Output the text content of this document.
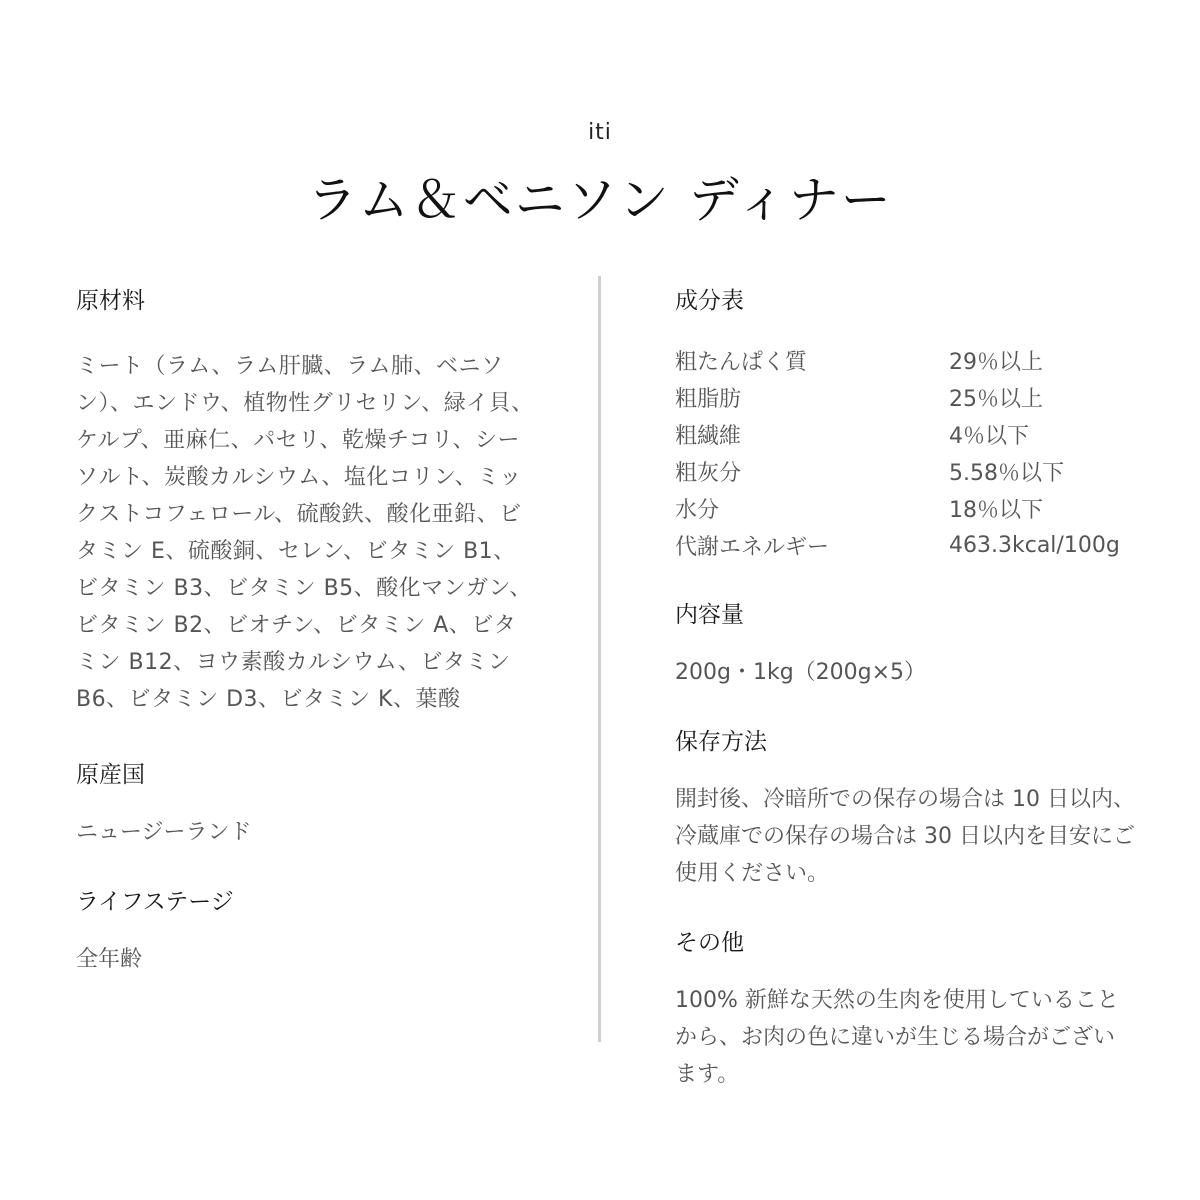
iti
ラム＆ベニソン ディナー
原材料

ミート（ラム、ラム肝臓、ラム肺、ベニソン）、エンドウ、植物性グリセリン、緑イ貝、ケルプ、亜麻仁、パセリ、乾燥チコリ、シーソルト、炭酸カルシウム、塩化コリン、ミックストコフェロール、硫酸鉄、酸化亜鉛、ビタミン E、硫酸銅、セレン、ビタミン B1、ビタミン B3、ビタミン B5、酸化マンガン、ビタミン B2、ビオチン、ビタミン A、ビタミン B12、ヨウ素酸カルシウム、ビタミン B6、ビタミン D3、ビタミン K、葉酸

原産国

ニュージーランド

ライフステージ

全年齢

成分表
粗たんぱく質	29％以上
粗脂肪	25％以上
粗繊維	4％以下
粗灰分	5.58％以下
水分	18％以下
代謝エネルギー	463.3kcal/100g
内容量

200g・1kg（200g×5）

保存方法

開封後、冷暗所での保存の場合は 10 日以内、冷蔵庫での保存の場合は 30 日以内を目安にご使用ください。

その他

100% 新鮮な天然の生肉を使用していることから、お肉の色に違いが生じる場合がございます。
